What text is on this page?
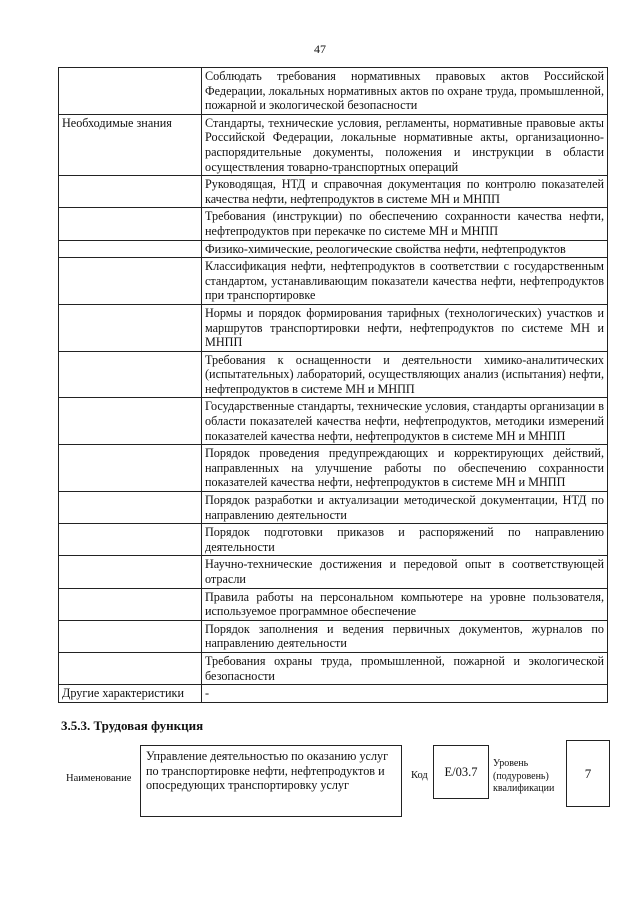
47
	Соблюдать требования нормативных правовых актов Российской Федерации, локальных нормативных актов по охране труда, промышленной, пожарной и экологической безопасности
Необходимые знания	Стандарты, технические условия, регламенты, нормативные правовые акты Российской Федерации, локальные нормативные акты, организационно-распорядительные документы, положения и инструкции в области осуществления товарно-транспортных операций
	Руководящая, НТД и справочная документация по контролю показателей качества нефти, нефтепродуктов в системе МН и МНПП
	Требования (инструкции) по обеспечению сохранности качества нефти, нефтепродуктов при перекачке по системе МН и МНПП
	Физико-химические, реологические свойства нефти, нефтепродуктов
	Классификация нефти, нефтепродуктов в соответствии с государственным стандартом, устанавливающим показатели качества нефти, нефтепродуктов при транспортировке
	Нормы и порядок формирования тарифных (технологических) участков и маршрутов транспортировки нефти, нефтепродуктов по системе МН и МНПП
	Требования к оснащенности и деятельности химико-аналитических (испытательных) лабораторий, осуществляющих анализ (испытания) нефти, нефтепродуктов в системе МН и МНПП
	Государственные стандарты, технические условия, стандарты организации в области показателей качества нефти, нефтепродуктов, методики измерений показателей качества нефти, нефтепродуктов в системе МН и МНПП
	Порядок проведения предупреждающих и корректирующих действий, направленных на улучшение работы по обеспечению сохранности показателей качества нефти, нефтепродуктов в системе МН и МНПП
	Порядок разработки и актуализации методической документации, НТД по направлению деятельности
	Порядок подготовки приказов и распоряжений по направлению деятельности
	Научно-технические достижения и передовой опыт в соответствующей отрасли
	Правила работы на персональном компьютере на уровне пользователя, используемое программное обеспечение
	Порядок заполнения и ведения первичных документов, журналов по направлению деятельности
	Требования охраны труда, промышленной, пожарной и экологической безопасности
Другие характеристики	-
3.5.3. Трудовая функция
Наименование
Управление деятельностью по оказанию услуг по транспортировке нефти, нефтепродуктов и опосредующих транспортировку услуг
Код	E/03.7
Уровень (подуровень) квалификации
7
